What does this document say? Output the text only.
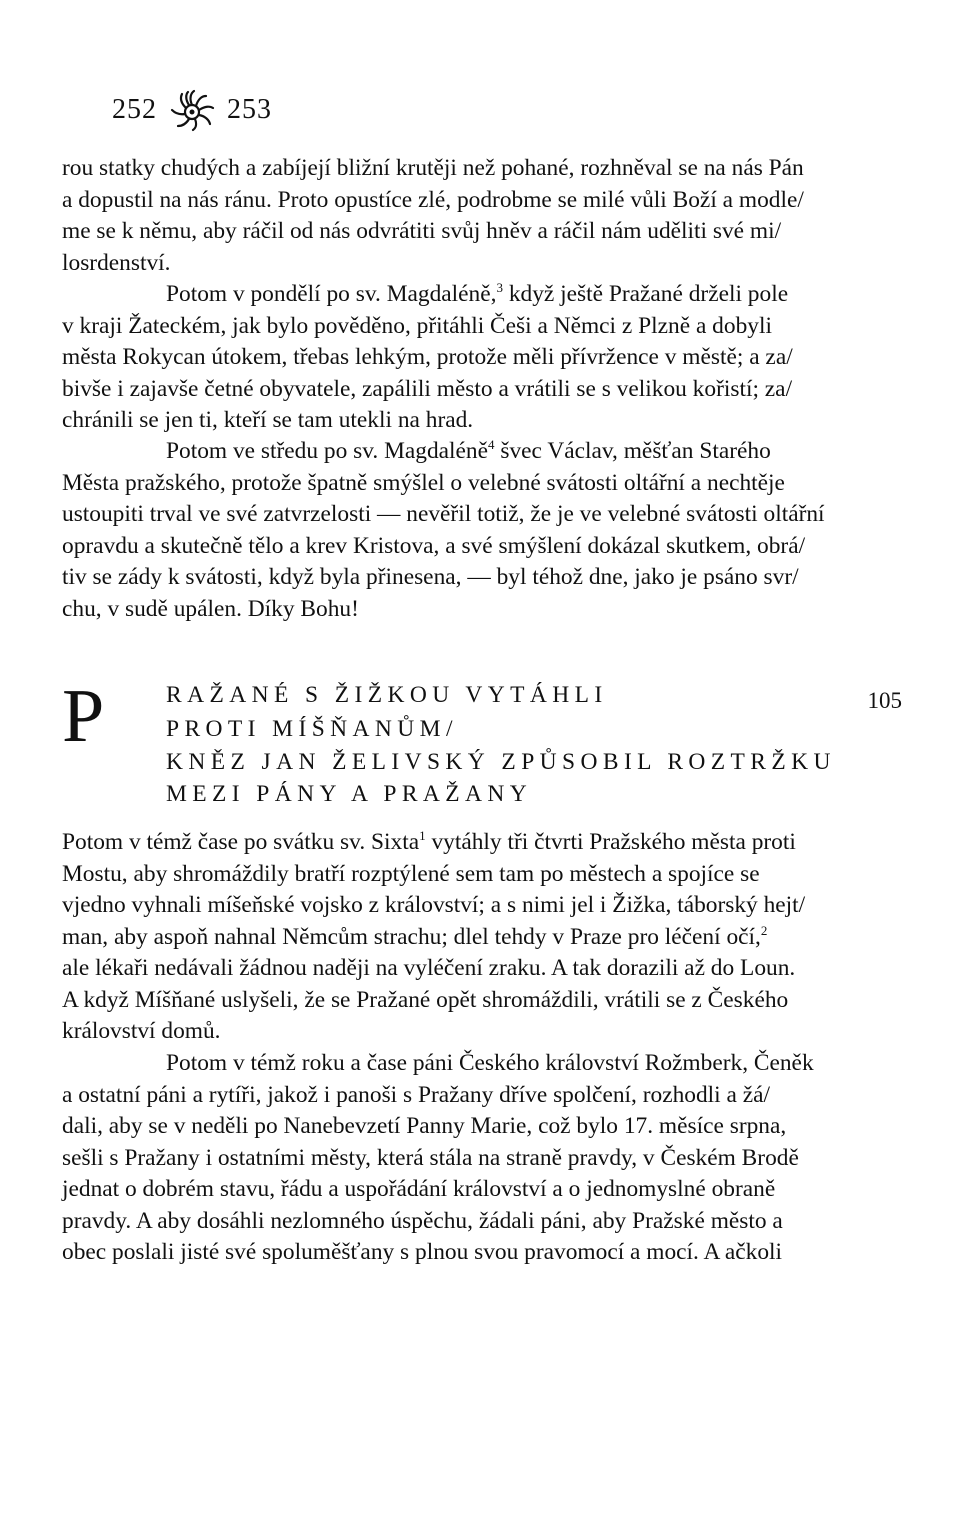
252	253
rou statky chudých a zabíjejí bližní krutěji než pohané, rozhněval se na nás Pán
a dopustil na nás ránu. Proto opustíce zlé, podrobme se milé vůli Boží a modle/
me se k němu, aby ráčil od nás odvrátiti svůj hněv a ráčil nám uděliti své mi/
losrdenství.
Potom v pondělí po sv. Magdaléně,$^3$ když ještě Pražané drželi pole
v kraji Žateckém, jak bylo pověděno, přitáhli Češi a Němci z Plzně a dobyli
města Rokycan útokem, třebas lehkým, protože měli přívržence v městě; a za/
bivše i zajavše četné obyvatele, zapálili město a vrátili se s velikou kořistí; za/
chránili se jen ti, kteří se tam utekli na hrad.
Potom ve středu po sv. Magdaléně$^4$ švec Václav, měšťan Starého
Města pražského, protože špatně smýšlel o velebné svátosti oltářní a nechtěje
ustoupiti trval ve své zatvrzelosti — nevěřil totiž, že je ve velebné svátosti oltářní
opravdu a skutečně tělo a krev Kristova, a své smýšlení dokázal skutkem, obrá/
tiv se zády k svátosti, když byla přinesena, — byl téhož dne, jako je psáno svr/
chu, v sudě upálen. Díky Bohu!
P	RAŽANÉ S ŽIŽKOU VYTÁHLI
PROTI MÍŠŇANŮM/
KNĚZ JAN ŽELIVSKÝ ZPŮSOBIL ROZTRŽKU
MEZI PÁNY A PRAŽANY
105
Potom v témž čase po svátku sv. Sixta$^1$ vytáhly tři čtvrti Pražského města proti
Mostu, aby shromáždily bratří rozptýlené sem tam po městech a spojíce se
vjedno vyhnali míšeňské vojsko z království; a s nimi jel i Žižka, táborský hejt/
man, aby aspoň nahnal Němcům strachu; dlel tehdy v Praze pro léčení očí,$^2$
ale lékaři nedávali žádnou naději na vyléčení zraku. A tak dorazili až do Loun.
A když Míšňané uslyšeli, že se Pražané opět shromáždili, vrátili se z Českého
království domů.
Potom v témž roku a čase páni Českého království Rožmberk, Čeněk
a ostatní páni a rytíři, jakož i panoši s Pražany dříve spolčení, rozhodli a žá/
dali, aby se v neděli po Nanebevzetí Panny Marie, což bylo 17. měsíce srpna,
sešli s Pražany i ostatními městy, která stála na straně pravdy, v Českém Brodě
jednat o dobrém stavu, řádu a uspořádání království a o jednomyslné obraně
pravdy. A aby dosáhli nezlomného úspěchu, žádali páni, aby Pražské město a
obec poslali jisté své spoluměšťany s plnou svou pravomocí a mocí. A ačkoli
